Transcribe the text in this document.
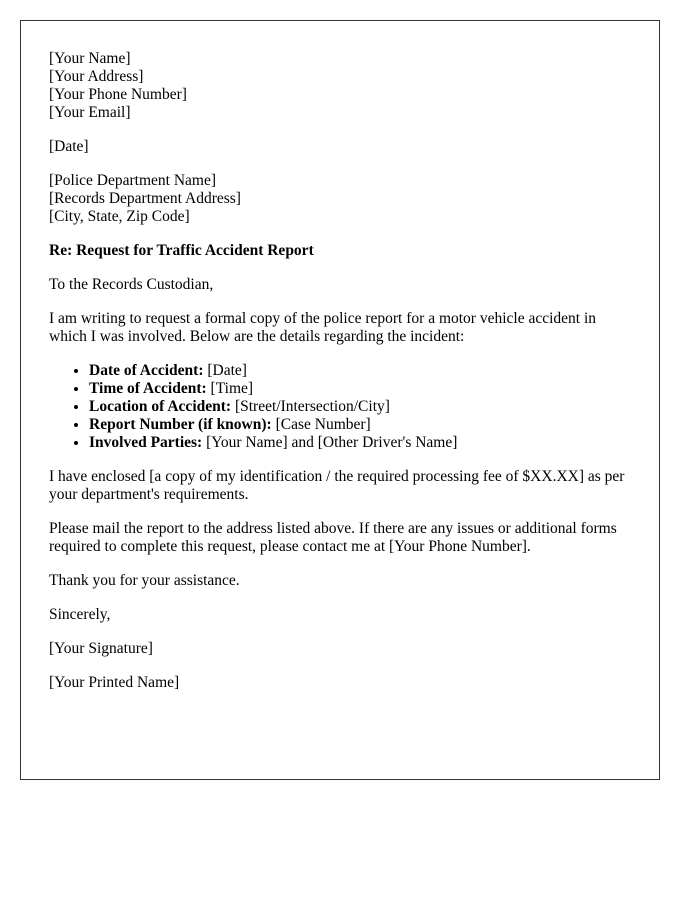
[Your Name]
[Your Address]
[Your Phone Number]
[Your Email]

[Date]

[Police Department Name]
[Records Department Address]
[City, State, Zip Code]

Re: Request for Traffic Accident Report

To the Records Custodian,

I am writing to request a formal copy of the police report for a motor vehicle accident in which I was involved. Below are the details regarding the incident:

• Date of Accident: [Date]
• Time of Accident: [Time]
• Location of Accident: [Street/Intersection/City]
• Report Number (if known): [Case Number]
• Involved Parties: [Your Name] and [Other Driver's Name]

I have enclosed [a copy of my identification / the required processing fee of $XX.XX] as per your department's requirements.

Please mail the report to the address listed above. If there are any issues or additional forms required to complete this request, please contact me at [Your Phone Number].

Thank you for your assistance.

Sincerely,

[Your Signature]

[Your Printed Name]
